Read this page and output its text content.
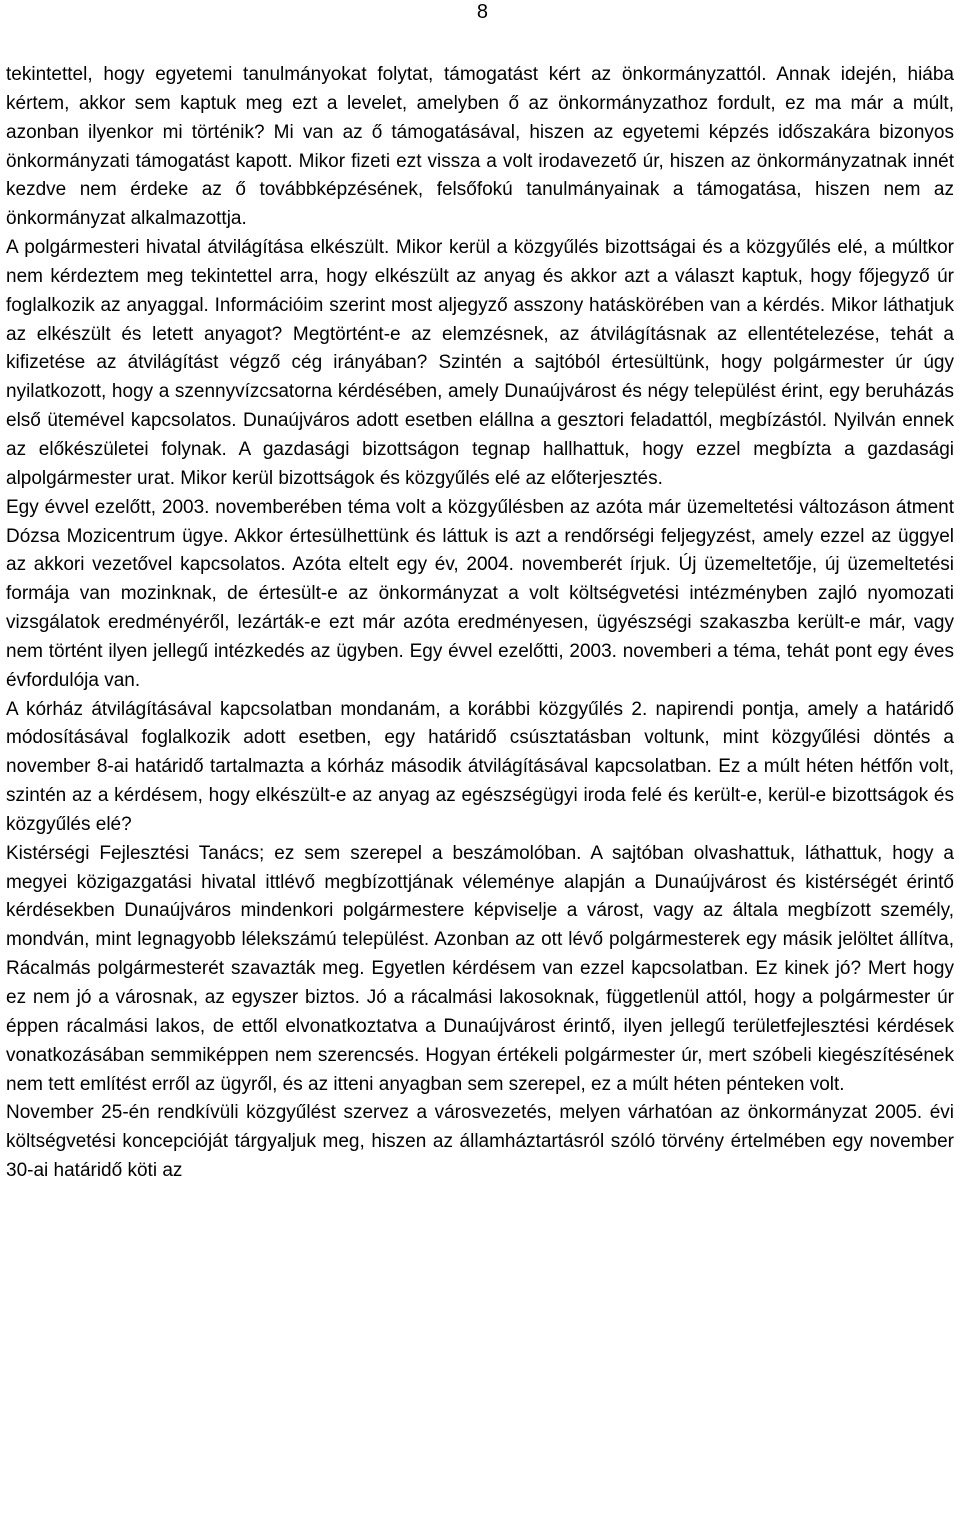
8

tekintettel, hogy egyetemi tanulmányokat folytat, támogatást kért az önkormányzattól. Annak idején, hiába kértem, akkor sem kaptuk meg ezt a levelet, amelyben ő az önkormányzathoz fordult, ez ma már a múlt, azonban ilyenkor mi történik? Mi van az ő támogatásával, hiszen az egyetemi képzés időszakára bizonyos önkormányzati támogatást kapott. Mikor fizeti ezt vissza a volt irodavezető úr, hiszen az önkormányzatnak innét kezdve nem érdeke az ő továbbképzésének, felsőfokú tanulmányainak a támogatása, hiszen nem az önkormányzat alkalmazottja.

A polgármesteri hivatal átvilágítása elkészült. Mikor kerül a közgyűlés bizottságai és a közgyűlés elé, a múltkor nem kérdeztem meg tekintettel arra, hogy elkészült az anyag és akkor azt a választ kaptuk, hogy főjegyző úr foglalkozik az anyaggal. Információim szerint most aljegyző asszony hatáskörében van a kérdés. Mikor láthatjuk az elkészült és letett anyagot? Megtörtént-e az elemzésnek, az átvilágításnak az ellentételezése, tehát a kifizetése az átvilágítást végző cég irányában? Szintén a sajtóból értesültünk, hogy polgármester úr úgy nyilatkozott, hogy a szennyvízcsatorna kérdésében, amely Dunaújvárost és négy települést érint, egy beruházás első ütemével kapcsolatos. Dunaújváros adott esetben elállna a gesztori feladattól, megbízástól. Nyilván ennek az előkészületei folynak. A gazdasági bizottságon tegnap hallhattuk, hogy ezzel megbízta a gazdasági alpolgármester urat. Mikor kerül bizottságok és közgyűlés elé az előterjesztés.

Egy évvel ezelőtt, 2003. novemberében téma volt a közgyűlésben az azóta már üzemeltetési változáson átment Dózsa Mozicentrum ügye. Akkor értesülhettünk és láttuk is azt a rendőrségi feljegyzést, amely ezzel az üggyel az akkori vezetővel kapcsolatos. Azóta eltelt egy év, 2004. novemberét írjuk. Új üzemeltetője, új üzemeltetési formája van mozinknak, de értesült-e az önkormányzat a volt költségvetési intézményben zajló nyomozati vizsgálatok eredményéről, lezárták-e ezt már azóta eredményesen, ügyészségi szakaszba került-e már, vagy nem történt ilyen jellegű intézkedés az ügyben. Egy évvel ezelőtti, 2003. novemberi a téma, tehát pont egy éves évfordulója van.

A kórház átvilágításával kapcsolatban mondanám, a korábbi közgyűlés 2. napirendi pontja, amely a határidő módosításával foglalkozik adott esetben, egy határidő csúsztatásban voltunk, mint közgyűlési döntés a november 8-ai határidő tartalmazta a kórház második átvilágításával kapcsolatban. Ez a múlt héten hétfőn volt, szintén az a kérdésem, hogy elkészült-e az anyag az egészségügyi iroda felé és került-e, kerül-e bizottságok és közgyűlés elé?

Kistérségi Fejlesztési Tanács; ez sem szerepel a beszámolóban. A sajtóban olvashattuk, láthattuk, hogy a megyei közigazgatási hivatal ittlévő megbízottjának véleménye alapján a Dunaújvárost és kistérségét érintő kérdésekben Dunaújváros mindenkori polgármestere képviselje a várost, vagy az általa megbízott személy, mondván, mint legnagyobb lélekszámú települést. Azonban az ott lévő polgármesterek egy másik jelöltet állítva, Rácalmás polgármesterét szavazták meg. Egyetlen kérdésem van ezzel kapcsolatban. Ez kinek jó? Mert hogy ez nem jó a városnak, az egyszer biztos. Jó a rácalmási lakosoknak, függetlenül attól, hogy a polgármester úr éppen rácalmási lakos, de ettől elvonatkoztatva a Dunaújvárost érintő, ilyen jellegű területfejlesztési kérdések vonatkozásában semmiképpen nem szerencsés. Hogyan értékeli polgármester úr, mert szóbeli kiegészítésének nem tett említést erről az ügyről, és az itteni anyagban sem szerepel, ez a múlt héten pénteken volt.

November 25-én rendkívüli közgyűlést szervez a városvezetés, melyen várhatóan az önkormányzat 2005. évi költségvetési koncepcióját tárgyaljuk meg, hiszen az államháztartásról szóló törvény értelmében egy november 30-ai határidő köti az
